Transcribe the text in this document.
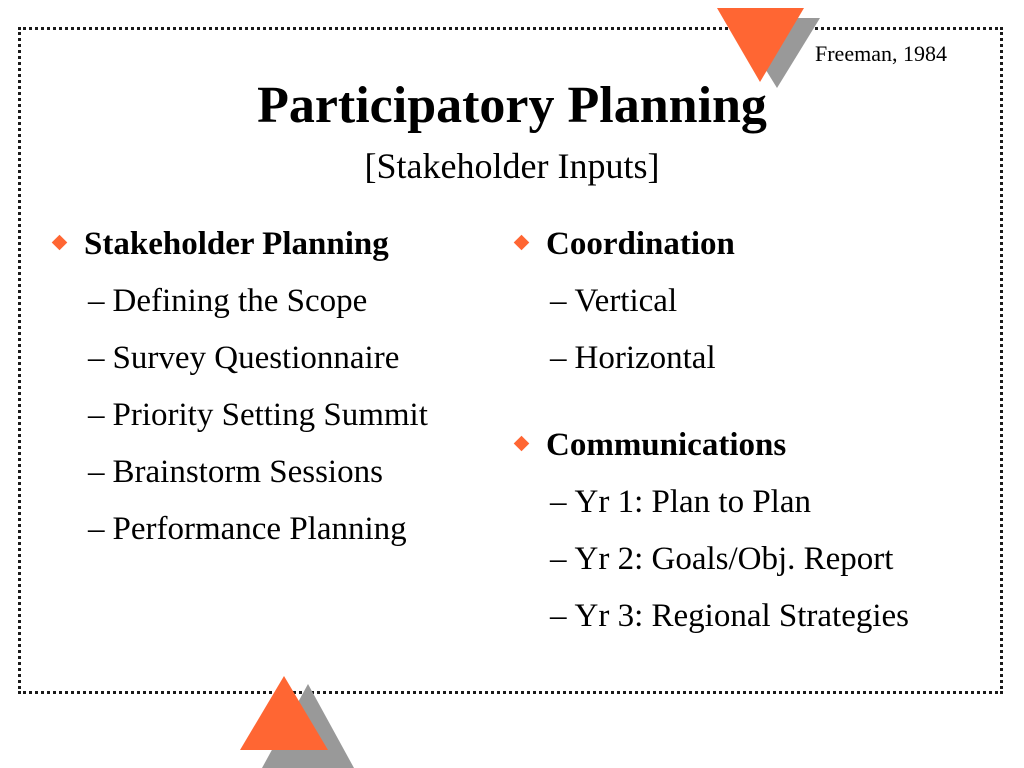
Freeman, 1984
Participatory Planning
[Stakeholder Inputs]
Stakeholder Planning
– Defining the Scope
– Survey Questionnaire
– Priority Setting Summit
– Brainstorm Sessions
– Performance Planning
Coordination
– Vertical
– Horizontal
Communications
– Yr 1: Plan to Plan
– Yr 2: Goals/Obj. Report
– Yr 3: Regional Strategies
